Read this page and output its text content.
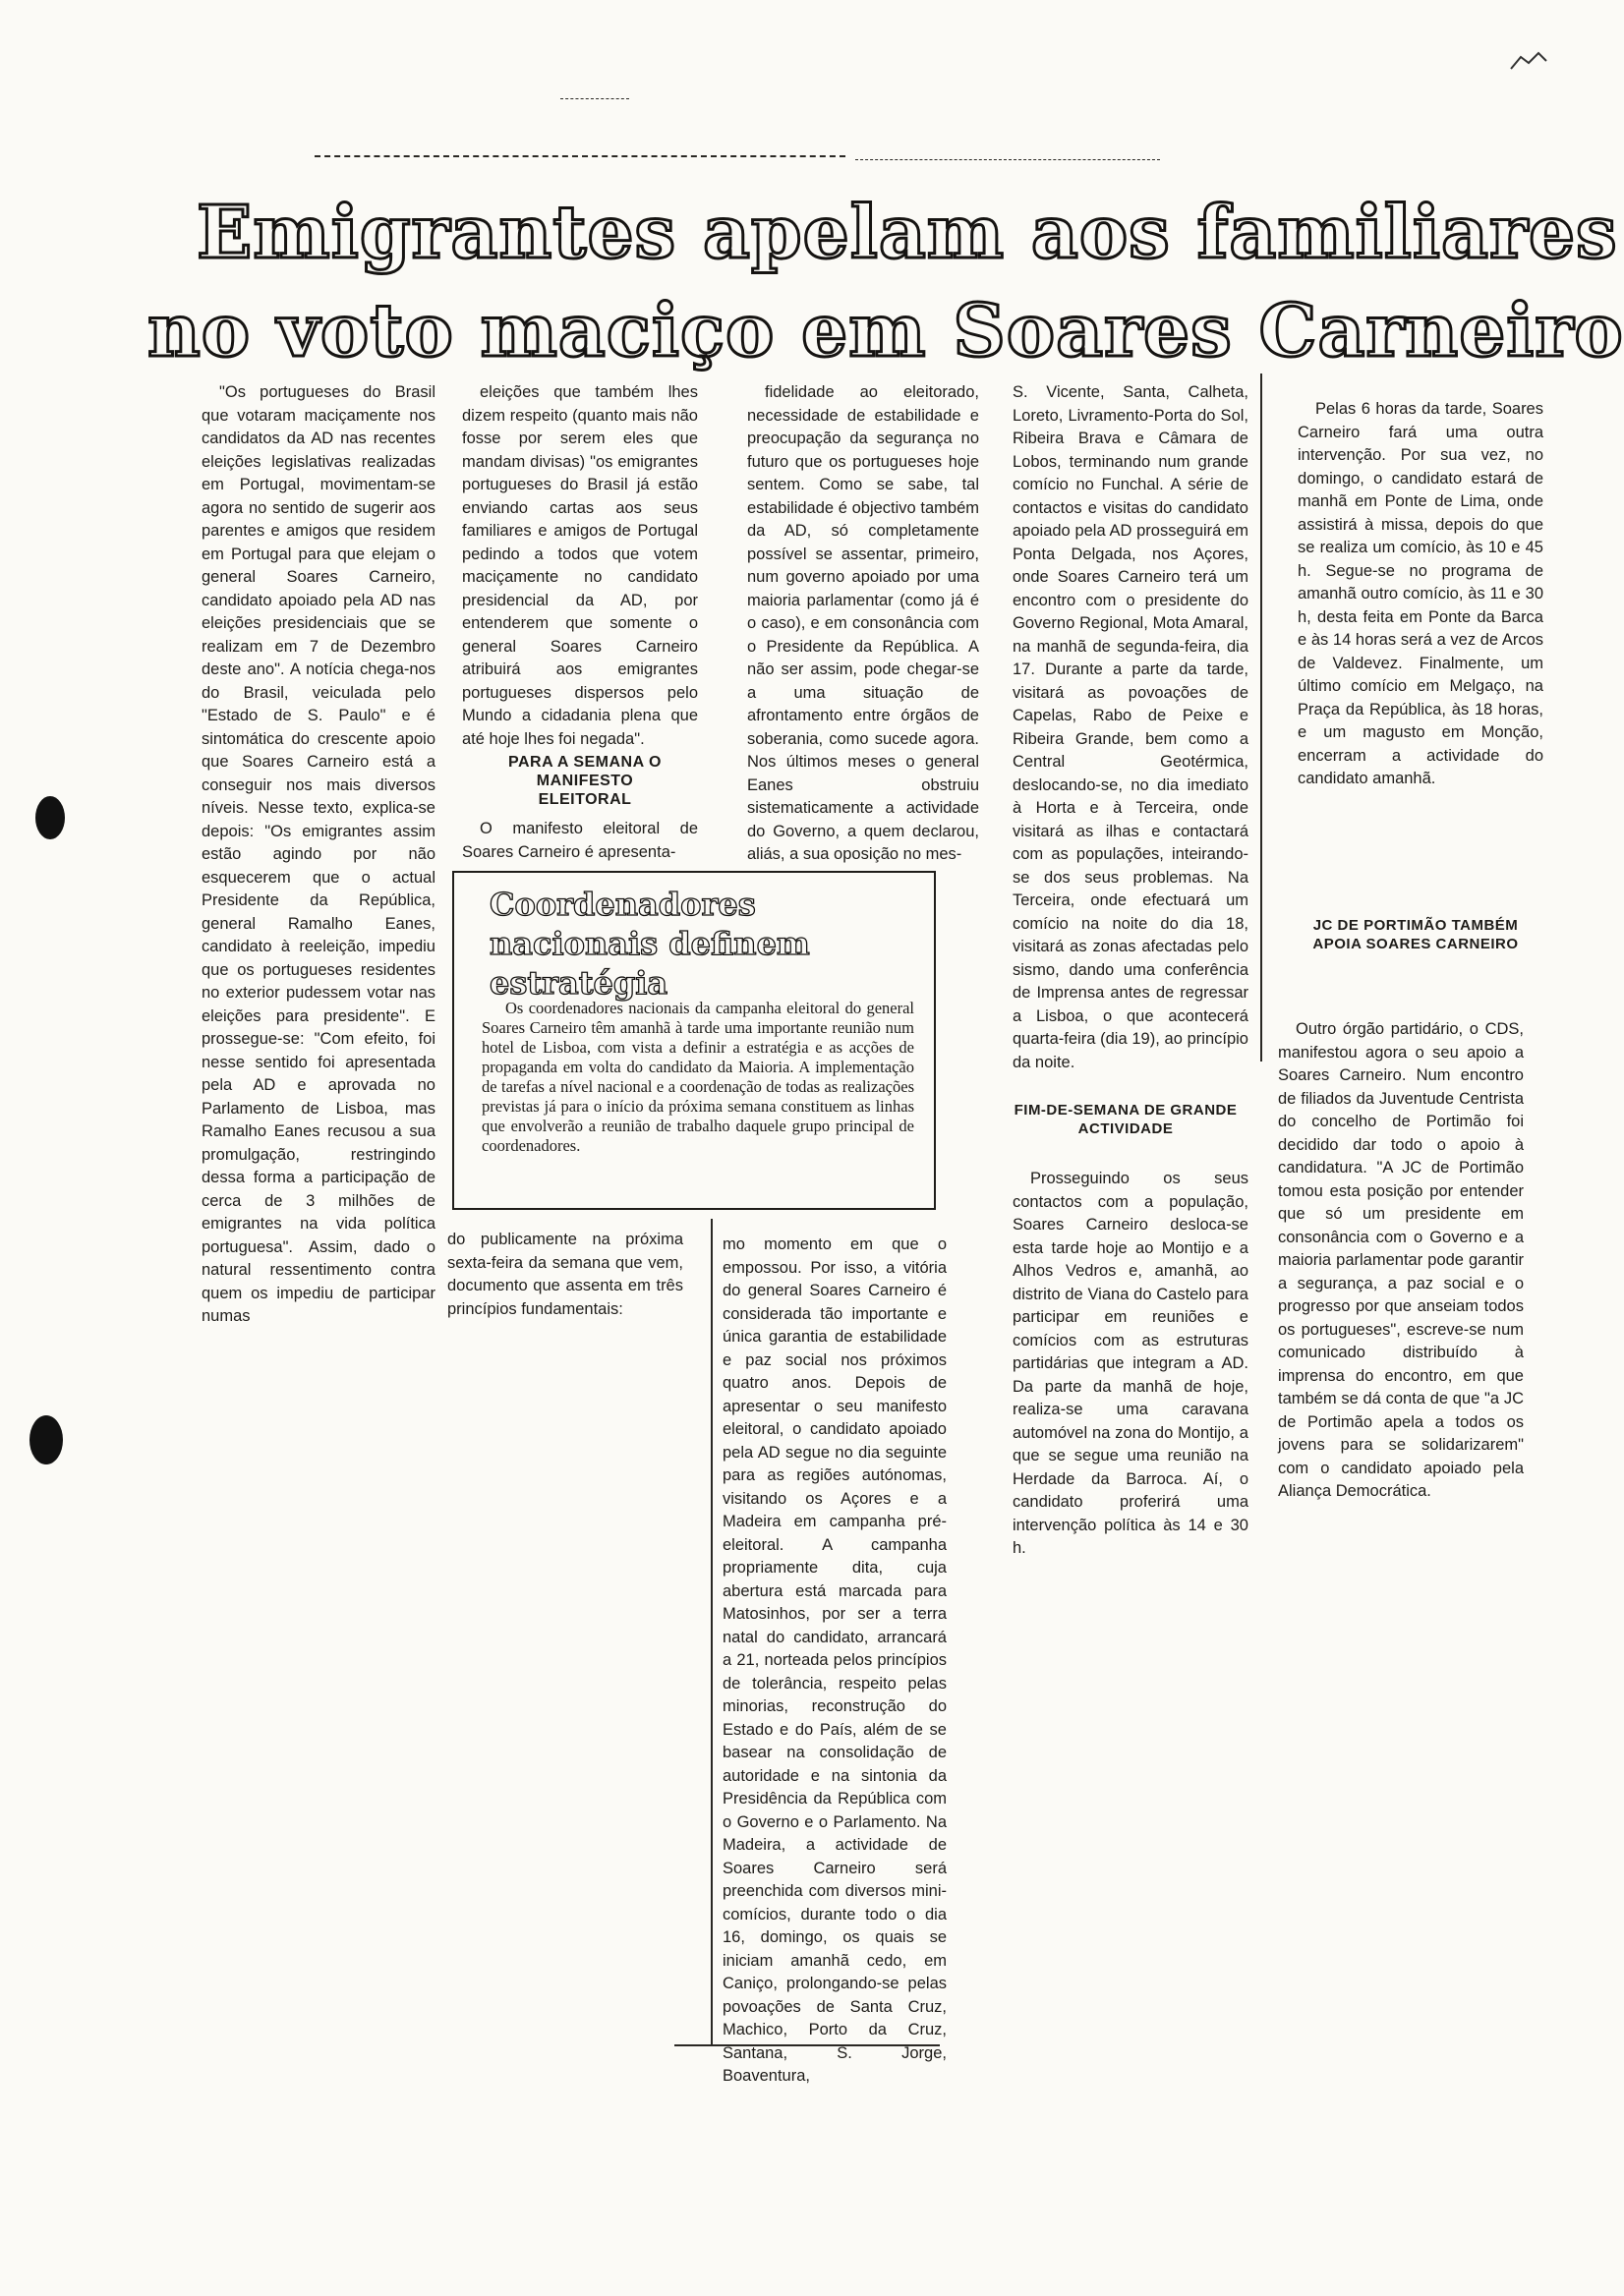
Emigrantes apelam aos familiares
no voto maciço em Soares Carneiro

"Os portugueses do Brasil que votaram maciçamente nos candidatos da AD nas recentes eleições legislativas realizadas em Portugal, movimentam-se agora no sentido de sugerir aos parentes e amigos que residem em Portugal para que elejam o general Soares Carneiro, candidato apoiado pela AD nas eleições presidenciais que se realizam em 7 de Dezembro deste ano". A notícia chega-nos do Brasil, veiculada pelo "Estado de S. Paulo" e é sintomática do crescente apoio que Soares Carneiro está a conseguir nos mais diversos níveis. Nesse texto, explica-se depois: "Os emigrantes assim estão agindo por não esquecerem que o actual Presidente da República, general Ramalho Eanes, candidato à reeleição, impediu que os portugueses residentes no exterior pudessem votar nas eleições para presidente". E prossegue-se: "Com efeito, foi nesse sentido foi apresentada pela AD e aprovada no Parlamento de Lisboa, mas Ramalho Eanes recusou a sua promulgação, restringindo dessa forma a participação de cerca de 3 milhões de emigrantes na vida política portuguesa". Assim, dado o natural ressentimento contra quem os impediu de participar numas

eleições que também lhes dizem respeito (quanto mais não fosse por serem eles que mandam divisas) "os emigrantes portugueses do Brasil já estão enviando cartas aos seus familiares e amigos de Portugal pedindo a todos que votem maciçamente no candidato presidencial da AD, por entenderem que somente o general Soares Carneiro atribuirá aos emigrantes portugueses dispersos pelo Mundo a cidadania plena que até hoje lhes foi negada".

PARA A SEMANA O MANIFESTO ELEITORAL

O manifesto eleitoral de Soares Carneiro é apresenta-

fidelidade ao eleitorado, necessidade de estabilidade e preocupação da segurança no futuro que os portugueses hoje sentem. Como se sabe, tal estabilidade é objectivo também da AD, só completamente possível se assentar, primeiro, num governo apoiado por uma maioria parlamentar (como já é o caso), e em consonância com o Presidente da República. A não ser assim, pode chegar-se a uma situação de afrontamento entre órgãos de soberania, como sucede agora. Nos últimos meses o general Eanes obstruiu sistematicamente a actividade do Governo, a quem declarou, aliás, a sua oposição no mes-

Coordenadores nacionais definem estratégia

Os coordenadores nacionais da campanha eleitoral do general Soares Carneiro têm amanhã à tarde uma importante reunião num hotel de Lisboa, com vista a definir a estratégia e as acções de propaganda em volta do candidato da Maioria. A implementação de tarefas a nível nacional e a coordenação de todas as realizações previstas já para o início da próxima semana constituem as linhas que envolverão a reunião de trabalho daquele grupo principal de coordenadores.

do publicamente na próxima sexta-feira da semana que vem, documento que assenta em três princípios fundamentais:

mo momento em que o empossou. Por isso, a vitória do general Soares Carneiro é considerada tão importante e única garantia de estabilidade e paz social nos próximos quatro anos. Depois de apresentar o seu manifesto eleitoral, o candidato apoiado pela AD segue no dia seguinte para as regiões autónomas, visitando os Açores e a Madeira em campanha pré-eleitoral. A campanha propriamente dita, cuja abertura está marcada para Matosinhos, por ser a terra natal do candidato, arrancará a 21, norteada pelos princípios de tolerância, respeito pelas minorias, reconstrução do Estado e do País, além de se basear na consolidação de autoridade e na sintonia da Presidência da República com o Governo e o Parlamento. Na Madeira, a actividade de Soares Carneiro será preenchida com diversos mini-comícios, durante todo o dia 16, domingo, os quais se iniciam amanhã cedo, em Caniço, prolongando-se pelas povoações de Santa Cruz, Machico, Porto da Cruz, Santana, S. Jorge, Boaventura,

S. Vicente, Santa, Calheta, Loreto, Livramento-Porta do Sol, Ribeira Brava e Câmara de Lobos, terminando num grande comício no Funchal. A série de contactos e visitas do candidato apoiado pela AD prosseguirá em Ponta Delgada, nos Açores, onde Soares Carneiro terá um encontro com o presidente do Governo Regional, Mota Amaral, na manhã de segunda-feira, dia 17. Durante a parte da tarde, visitará as povoações de Capelas, Rabo de Peixe e Ribeira Grande, bem como a Central Geotérmica, deslocando-se, no dia imediato à Horta e à Terceira, onde visitará as ilhas e contactará com as populações, inteirando-se dos seus problemas. Na Terceira, onde efectuará um comício na noite do dia 18, visitará as zonas afectadas pelo sismo, dando uma conferência de Imprensa antes de regressar a Lisboa, o que acontecerá quarta-feira (dia 19), ao princípio da noite.

FIM-DE-SEMANA DE GRANDE ACTIVIDADE

Prosseguindo os seus contactos com a população, Soares Carneiro desloca-se esta tarde hoje ao Montijo e a Alhos Vedros e, amanhã, ao distrito de Viana do Castelo para participar em reuniões e comícios com as estruturas partidárias que integram a AD. Da parte da manhã de hoje, realiza-se uma caravana automóvel na zona do Montijo, a que se segue uma reunião na Herdade da Barroca. Aí, o candidato proferirá uma intervenção política às 14 e 30 h.

Pelas 6 horas da tarde, Soares Carneiro fará uma outra intervenção. Por sua vez, no domingo, o candidato estará de manhã em Ponte de Lima, onde assistirá à missa, depois do que se realiza um comício, às 10 e 45 h. Segue-se no programa de amanhã outro comício, às 11 e 30 h, desta feita em Ponte da Barca e às 14 horas será a vez de Arcos de Valdevez. Finalmente, um último comício em Melgaço, na Praça da República, às 18 horas, e um magusto em Monção, encerram a actividade do candidato amanhã.

JC DE PORTIMÃO TAMBÉM APOIA SOARES CARNEIRO

Outro órgão partidário, o CDS, manifestou agora o seu apoio a Soares Carneiro. Num encontro de filiados da Juventude Centrista do concelho de Portimão foi decidido dar todo o apoio à candidatura. "A JC de Portimão tomou esta posição por entender que só um presidente em consonância com o Governo e a maioria parlamentar pode garantir a segurança, a paz social e o progresso por que anseiam todos os portugueses", escreve-se num comunicado distribuído à imprensa do encontro, em que também se dá conta de que "a JC de Portimão apela a todos os jovens para se solidarizarem" com o candidato apoiado pela Aliança Democrática.
